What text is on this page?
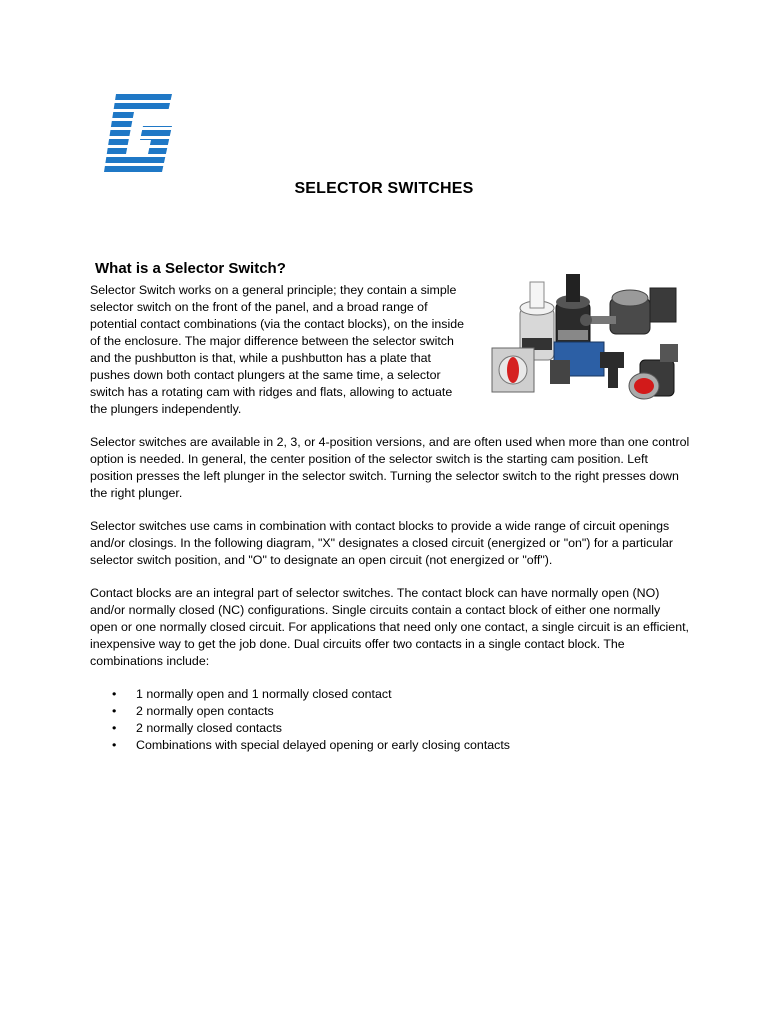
SELECTOR SWITCHES
What is a Selector Switch?

Selector Switch works on a general principle; they contain a simple selector switch on the front of the panel, and a broad range of potential contact combinations (via the contact blocks), on the inside of the enclosure. The major difference between the selector switch and the pushbutton is that, while a pushbutton has a plate that pushes down both contact plungers at the same time, a selector switch has a rotating cam with ridges and flats, allowing to actuate the plungers independently.

Selector switches are available in 2, 3, or 4-position versions, and are often used when more than one control option is needed. In general, the center position of the selector switch is the starting cam position. Left position presses the left plunger in the selector switch. Turning the selector switch to the right presses down the right plunger.

Selector switches use cams in combination with contact blocks to provide a wide range of circuit openings and/or closings. In the following diagram, "X" designates a closed circuit (energized or "on") for a particular selector switch position, and "O" to designate an open circuit (not energized or "off").

Contact blocks are an integral part of selector switches. The contact block can have normally open (NO) and/or normally closed (NC) configurations. Single circuits contain a contact block of either one normally open or one normally closed circuit. For applications that need only one contact, a single circuit is an efficient, inexpensive way to get the job done. Dual circuits offer two contacts in a single contact block. The combinations include:

•	1 normally open and 1 normally closed contact
•	2 normally open contacts
•	2 normally closed contacts
•	Combinations with special delayed opening or early closing contacts
